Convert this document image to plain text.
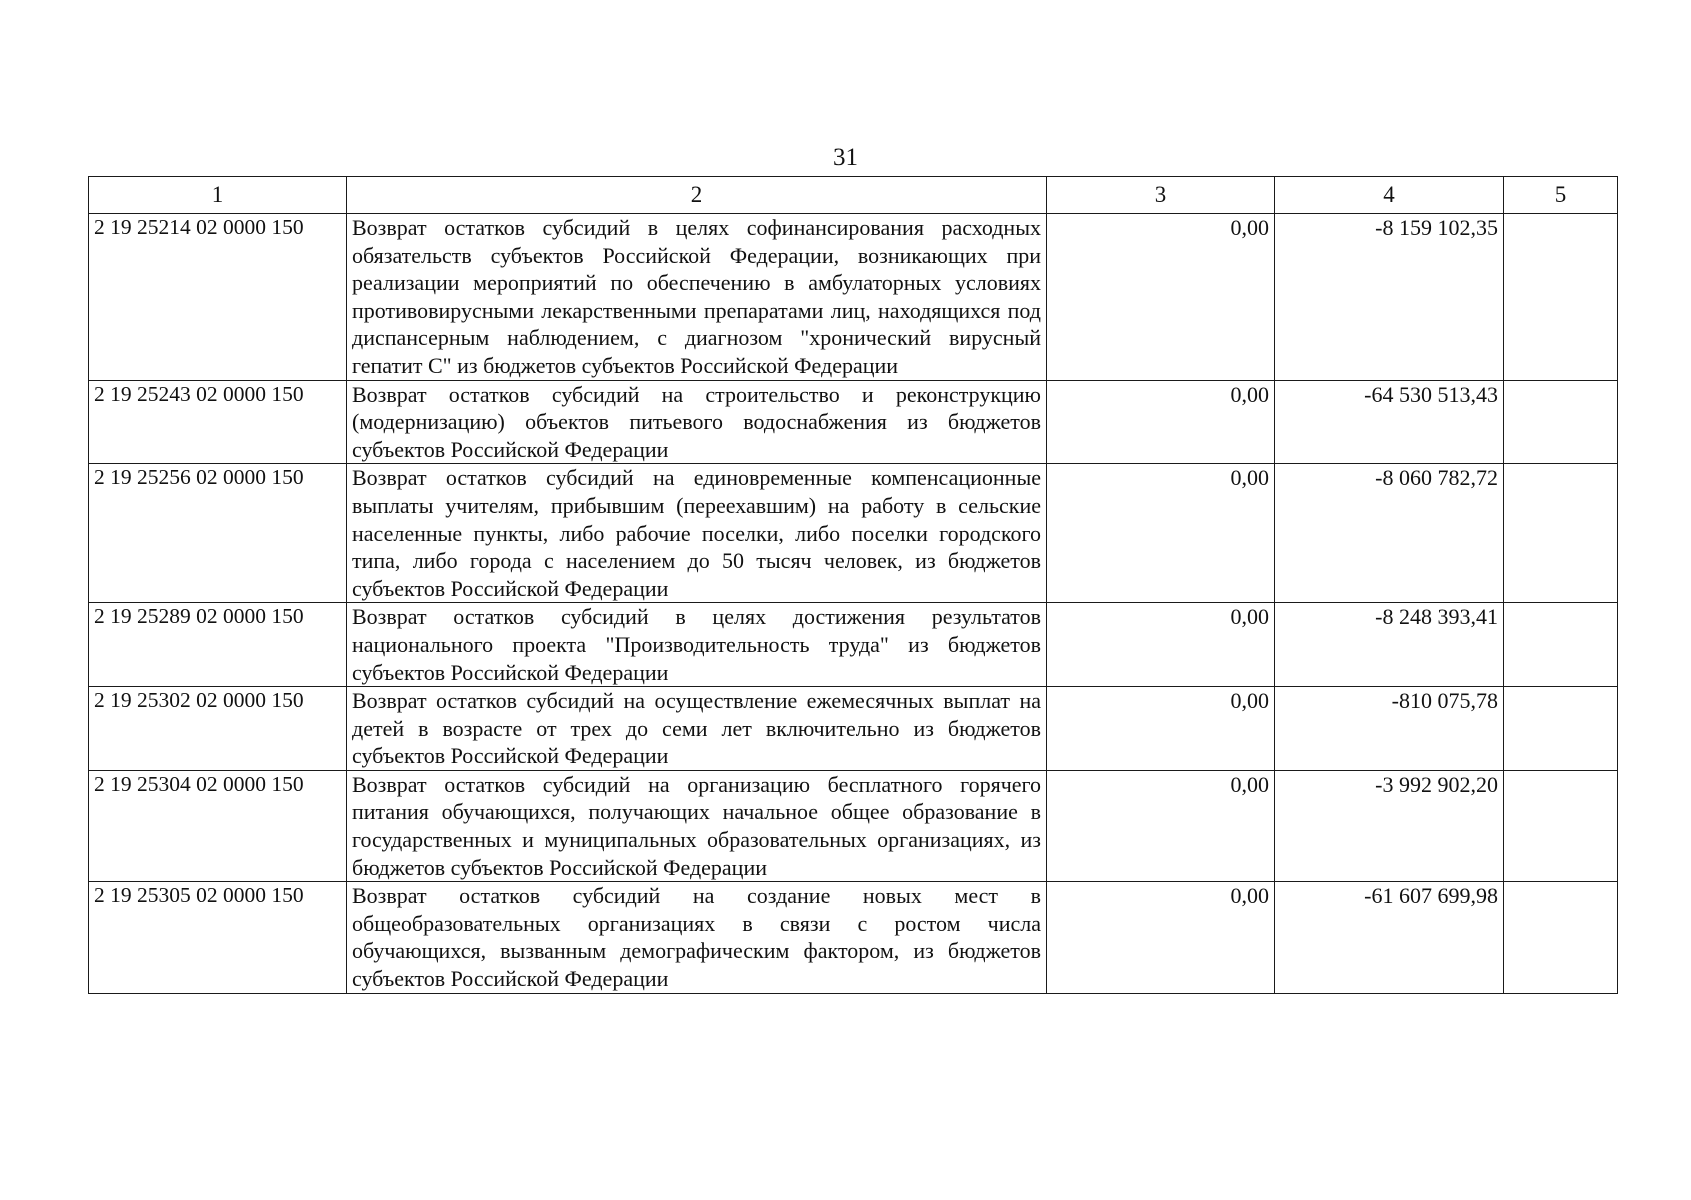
31
1	2	3	4	5
2 19 25214 02 0000 150	Возврат остатков субсидий в целях софинансирования расходных обязательств субъектов Российской Федерации, возникающих при реализации мероприятий по обеспечению в амбулаторных условиях противовирусными лекарственными препаратами лиц, находящихся под диспансерным наблюдением, с диагнозом "хронический вирусный гепатит С" из бюджетов субъектов Российской Федерации	0,00	-8 159 102,35	
2 19 25243 02 0000 150	Возврат остатков субсидий на строительство и реконструкцию (модернизацию) объектов питьевого водоснабжения из бюджетов субъектов Российской Федерации	0,00	-64 530 513,43	
2 19 25256 02 0000 150	Возврат остатков субсидий на единовременные компенсационные выплаты учителям, прибывшим (переехавшим) на работу в сельские населенные пункты, либо рабочие поселки, либо поселки городского типа, либо города с населением до 50 тысяч человек, из бюджетов субъектов Российской Федерации	0,00	-8 060 782,72	
2 19 25289 02 0000 150	Возврат остатков субсидий в целях достижения результатов национального проекта "Производительность труда" из бюджетов субъектов Российской Федерации	0,00	-8 248 393,41	
2 19 25302 02 0000 150	Возврат остатков субсидий на осуществление ежемесячных выплат на детей в возрасте от трех до семи лет включительно из бюджетов субъектов Российской Федерации	0,00	-810 075,78	
2 19 25304 02 0000 150	Возврат остатков субсидий на организацию бесплатного горячего питания обучающихся, получающих начальное общее образование в государственных и муниципальных образовательных организациях, из бюджетов субъектов Российской Федерации	0,00	-3 992 902,20	
2 19 25305 02 0000 150	Возврат остатков субсидий на создание новых мест в общеобразовательных организациях в связи с ростом числа обучающихся, вызванным демографическим фактором, из бюджетов субъектов Российской Федерации	0,00	-61 607 699,98	
